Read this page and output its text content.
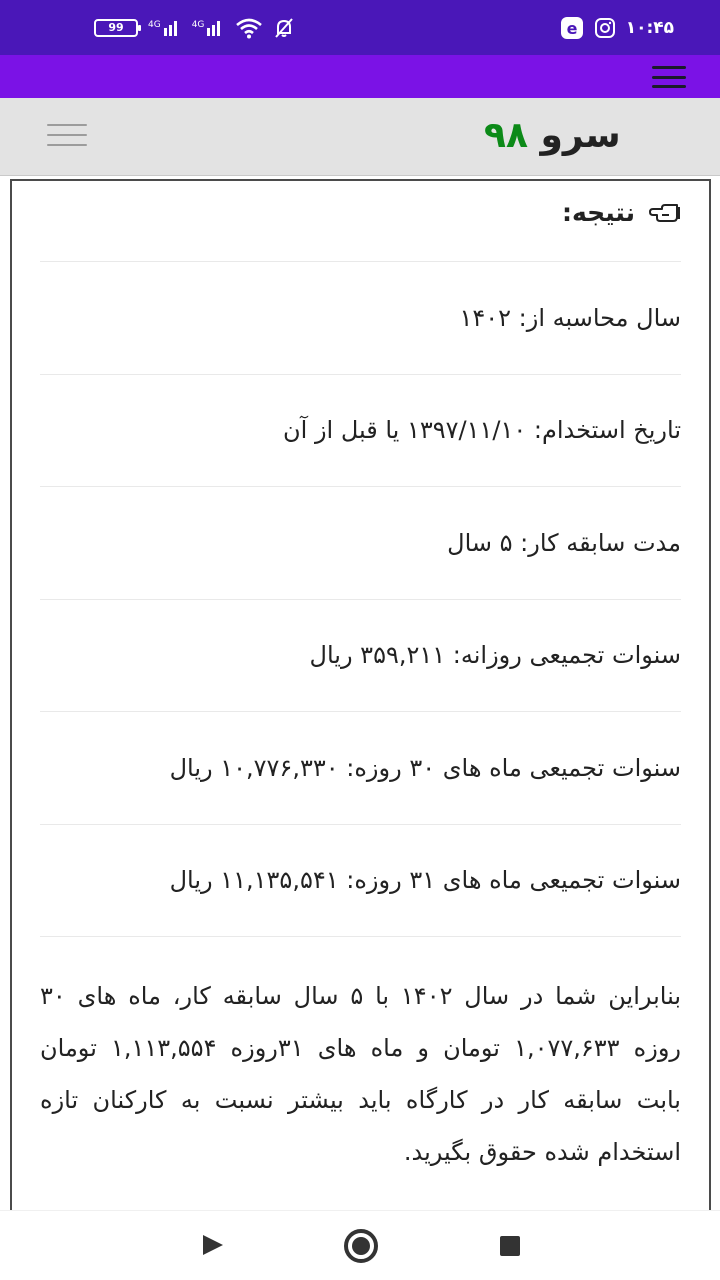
99	4G	4G	e	۱۰:۴۵
سرو ۹۸
نتیجه:
سال محاسبه از: ۱۴۰۲
تاریخ استخدام: ۱۳۹۷/۱۱/۱۰ یا قبل از آن
مدت سابقه کار: ۵ سال
سنوات تجمیعی روزانه: ۳۵۹,۲۱۱ ریال
سنوات تجمیعی ماه های ۳۰ روزه: ۱۰,۷۷۶,۳۳۰ ریال
سنوات تجمیعی ماه های ۳۱ روزه: ۱۱,۱۳۵,۵۴۱ ریال

بنابراین شما در سال ۱۴۰۲ با ۵ سال سابقه کار، ماه های ۳۰ روزه ۱,۰۷۷,۶۳۳ تومان و ماه های ۳۱روزه ۱,۱۱۳,۵۵۴ تومان بابت سابقه کار در کارگاه باید بیشتر نسبت به کارکنان تازه استخدام شده حقوق بگیرید.
